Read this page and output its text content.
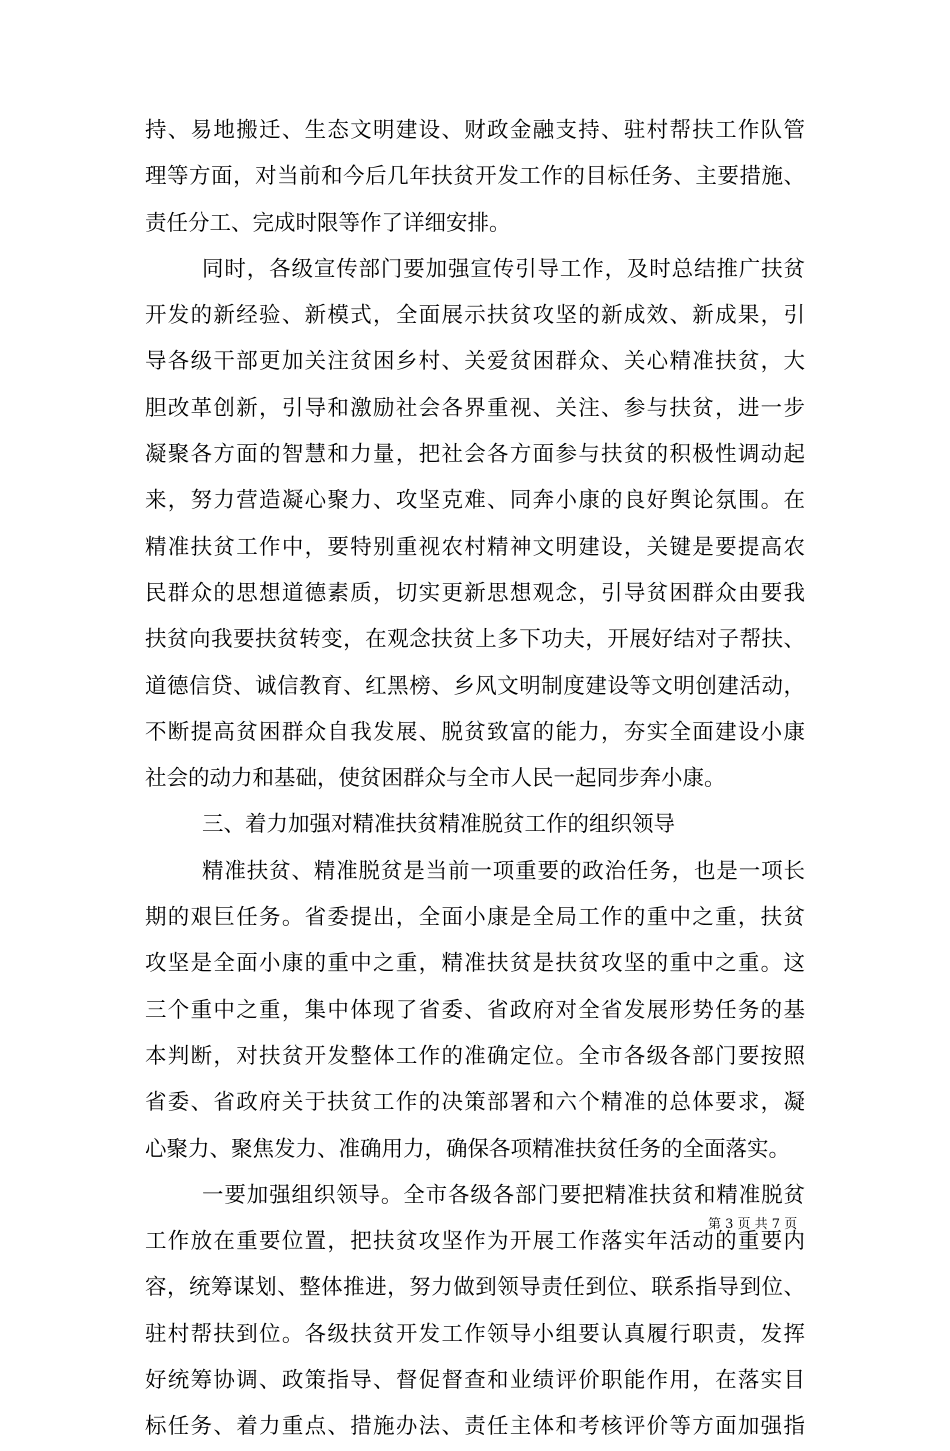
持、易地搬迁、生态文明建设、财政金融支持、驻村帮扶工作队管
理等方面，对当前和今后几年扶贫开发工作的目标任务、主要措施、
责任分工、完成时限等作了详细安排。
同时，各级宣传部门要加强宣传引导工作，及时总结推广扶贫
开发的新经验、新模式，全面展示扶贫攻坚的新成效、新成果，引
导各级干部更加关注贫困乡村、关爱贫困群众、关心精准扶贫，大
胆改革创新，引导和激励社会各界重视、关注、参与扶贫，进一步
凝聚各方面的智慧和力量，把社会各方面参与扶贫的积极性调动起
来，努力营造凝心聚力、攻坚克难、同奔小康的良好舆论氛围。在
精准扶贫工作中，要特别重视农村精神文明建设，关键是要提高农
民群众的思想道德素质，切实更新思想观念，引导贫困群众由要我
扶贫向我要扶贫转变，在观念扶贫上多下功夫，开展好结对子帮扶、
道德信贷、诚信教育、红黑榜、乡风文明制度建设等文明创建活动，
不断提高贫困群众自我发展、脱贫致富的能力，夯实全面建设小康
社会的动力和基础，使贫困群众与全市人民一起同步奔小康。
三、着力加强对精准扶贫精准脱贫工作的组织领导
精准扶贫、精准脱贫是当前一项重要的政治任务，也是一项长
期的艰巨任务。省委提出，全面小康是全局工作的重中之重，扶贫
攻坚是全面小康的重中之重，精准扶贫是扶贫攻坚的重中之重。这
三个重中之重，集中体现了省委、省政府对全省发展形势任务的基
本判断，对扶贫开发整体工作的准确定位。全市各级各部门要按照
省委、省政府关于扶贫工作的决策部署和六个精准的总体要求，凝
心聚力、聚焦发力、准确用力，确保各项精准扶贫任务的全面落实。
一要加强组织领导。全市各级各部门要把精准扶贫和精准脱贫
工作放在重要位置，把扶贫攻坚作为开展工作落实年活动的重要内
容，统筹谋划、整体推进，努力做到领导责任到位、联系指导到位、
驻村帮扶到位。各级扶贫开发工作领导小组要认真履行职责，发挥
好统筹协调、政策指导、督促督查和业绩评价职能作用，在落实目
标任务、着力重点、措施办法、责任主体和考核评价等方面加强指
第 3 页 共 7 页
